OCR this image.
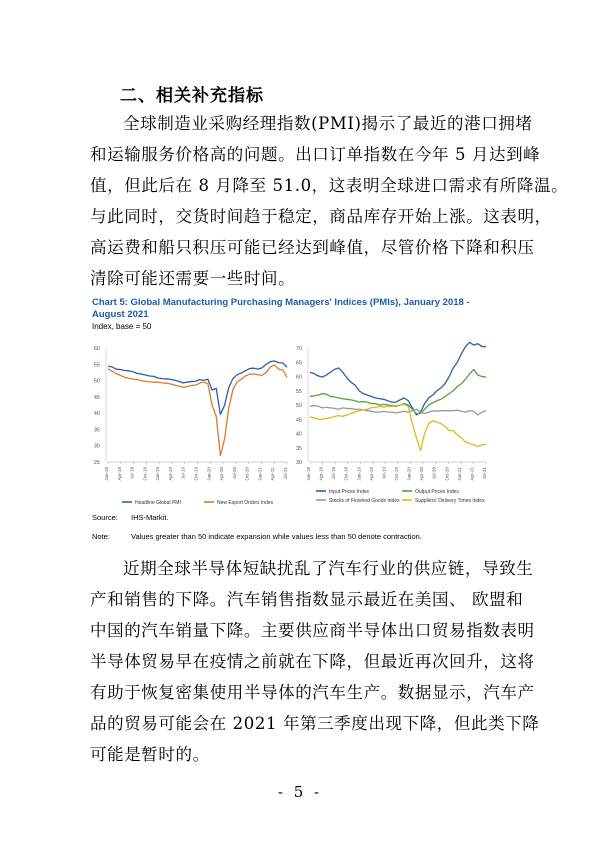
二、相关补充指标
全球制造业采购经理指数(PMI)揭示了最近的港口拥堵
和运输服务价格高的问题。出口订单指数在今年 5 月达到峰
值，但此后在 8 月降至 51.0，这表明全球进口需求有所降温。
与此同时，交货时间趋于稳定，商品库存开始上涨。这表明，
高运费和船只积压可能已经达到峰值，尽管价格下降和积压
清除可能还需要一些时间。
Chart 5: Global Manufacturing Purchasing Managers' Indices (PMIs), January 2018 -
August 2021
Index, base = 50
25
30
35
40
45
50
55
60
Jan-18 Apr-18 Jul-18 Oct-18 Jan-19 Apr-19 Jul-19 Oct-19 Jan-20 Apr-20 Jul-20 Oct-20 Jan-21 Apr-21 Jul-21
Headline Global PMI	New Export Orders Index
30
35
40
45
50
55
60
65
70
Jan-18 Apr-18 Jul-18 Oct-18 Jan-19 Apr-19 Jul-19 Oct-19 Jan-20 Apr-20 Jul-20 Oct-20 Jan-21 Apr-21 Jul-21
Input Prices Index	Output Prices Index
Stocks of Finished Goods Index	Suppliers' Delivery Times Index
Source: IHS-Markit.
Note:	Values greater than 50 indicate expansion while values less than 50 denote contraction.
近期全球半导体短缺扰乱了汽车行业的供应链，导致生
产和销售的下降。汽车销售指数显示最近在美国、 欧盟和
中国的汽车销量下降。主要供应商半导体出口贸易指数表明
半导体贸易早在疫情之前就在下降，但最近再次回升，这将
有助于恢复密集使用半导体的汽车生产。数据显示，汽车产
品的贸易可能会在 2021 年第三季度出现下降，但此类下降
可能是暂时的。
- 5 -
